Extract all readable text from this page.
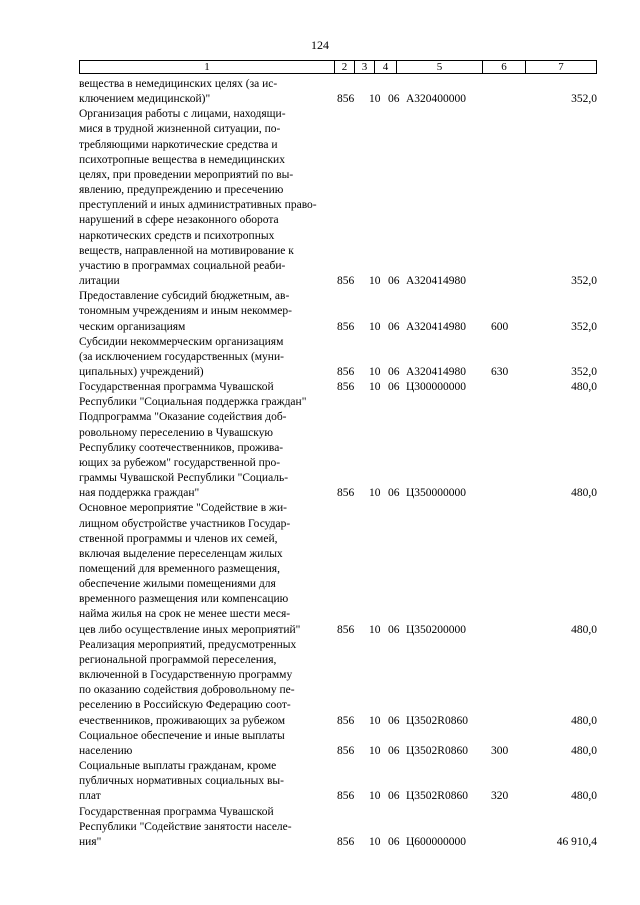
124
1	2	3	4	5	6	7
вещества в немедицинских целях (за ис-
ключением медицинской)"	856	10 06 А320400000	352,0
Организация работы с лицами, находящи-
мися в трудной жизненной ситуации, по-
требляющими наркотические средства и
психотропные вещества в немедицинских
целях, при проведении мероприятий по вы-
явлению, предупреждению и пресечению
преступлений и иных административных право-
нарушений в сфере незаконного оборота
наркотических средств и психотропных
веществ, направленной на мотивирование к
участию в программах социальной реаби-
литации	856	10 06 А320414980	352,0
Предоставление субсидий бюджетным, ав-
тономным учреждениям и иным некоммер-
ческим организациям	856	10 06 А320414980	600	352,0
Субсидии некоммерческим организациям
(за исключением государственных (муни-
ципальных) учреждений)	856	10 06 А320414980	630	352,0
Государственная программа Чувашской
Республики "Социальная поддержка граждан"
856	10 06 Ц300000000	480,0
Подпрограмма "Оказание содействия доб-
ровольному переселению в Чувашскую
Республику соотечественников, прожива-
ющих за рубежом" государственной про-
граммы Чувашской Республики "Социаль-
ная поддержка граждан"	856	10 06 Ц350000000	480,0
Основное мероприятие "Содействие в жи-
лищном обустройстве участников Государ-
ственной программы и членов их семей,
включая выделение переселенцам жилых
помещений для временного размещения,
обеспечение жилыми помещениями для
временного размещения или компенсацию
найма жилья на срок не менее шести меся-
цев либо осуществление иных мероприятий"	856	10 06 Ц350200000	480,0
Реализация мероприятий, предусмотренных
региональной программой переселения,
включенной в Государственную программу
по оказанию содействия добровольному пе-
реселению в Российскую Федерацию соот-
ечественников, проживающих за рубежом	856	10 06 Ц3502R0860	480,0
Социальное обеспечение и иные выплаты
населению	856	10 06 Ц3502R0860	300	480,0
Социальные выплаты гражданам, кроме
публичных нормативных социальных вы-
плат	856	10 06 Ц3502R0860	320	480,0
Государственная программа Чувашской
Республики "Содействие занятости населе-
ния"	856	10 06 Ц600000000	46 910,4
